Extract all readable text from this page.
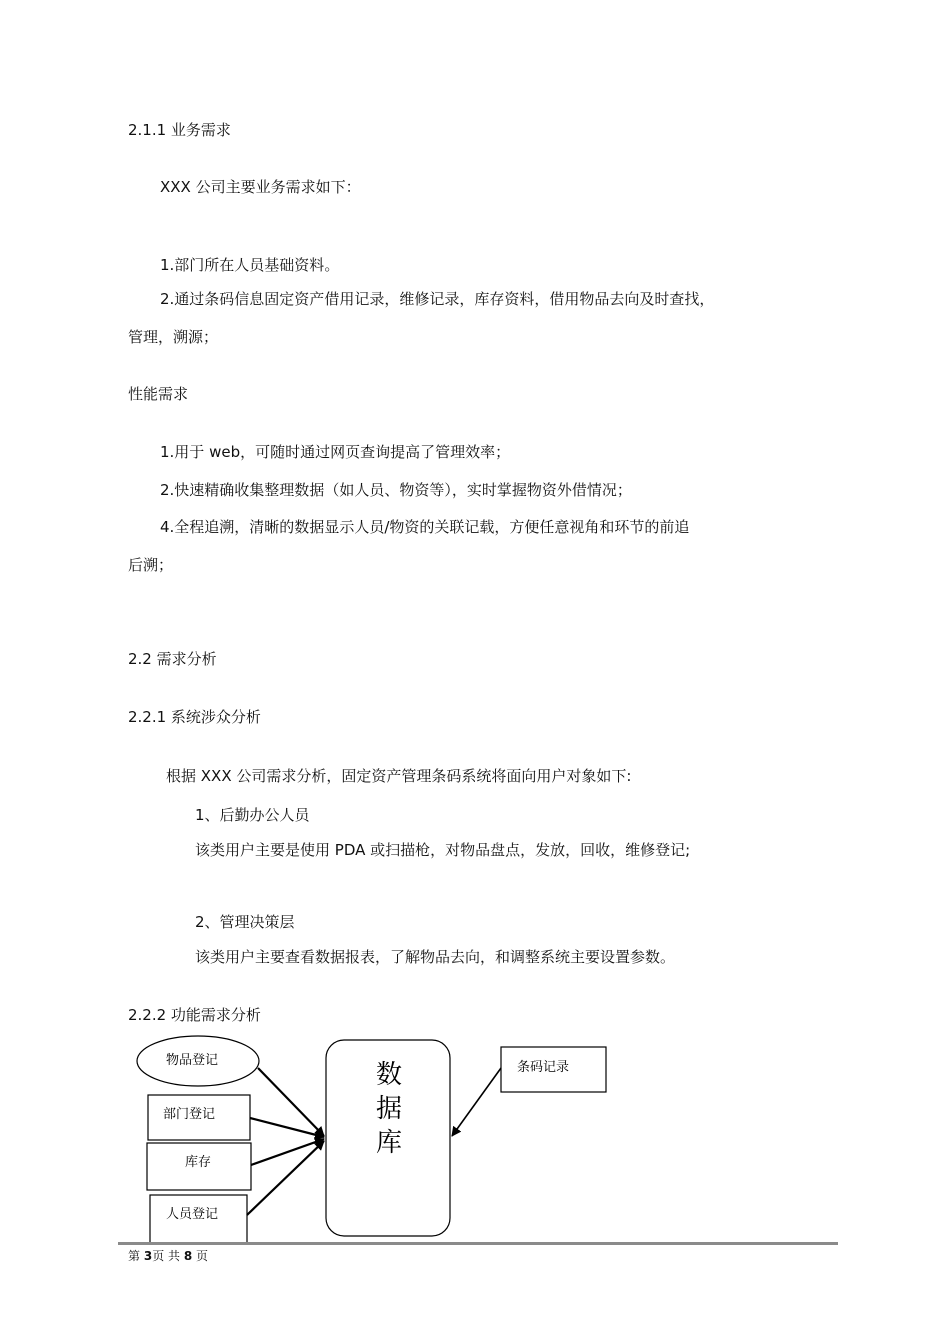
2.1.1 业务需求
XXX 公司主要业务需求如下：
1.部门所在人员基础资料。
2.通过条码信息固定资产借用记录，维修记录，库存资料，借用物品去向及时查找，
管理，溯源；
性能需求
1.用于 web，可随时通过网页查询提高了管理效率；
2.快速精确收集整理数据（如人员、物资等），实时掌握物资外借情况；
4.全程追溯，清晰的数据显示人员/物资的关联记载，方便任意视角和环节的前追
后溯；
2.2 需求分析
2.2.1 系统涉众分析
根据 XXX 公司需求分析，固定资产管理条码系统将面向用户对象如下:
1、后勤办公人员
该类用户主要是使用 PDA 或扫描枪，对物品盘点，发放，回收，维修登记;
2、管理决策层
该类用户主要查看数据报表，了解物品去向，和调整系统主要设置参数。
2.2.2 功能需求分析
物品登记
部门登记
库存
人员登记
数
据
库
条码记录
第 3页 共 8 页
